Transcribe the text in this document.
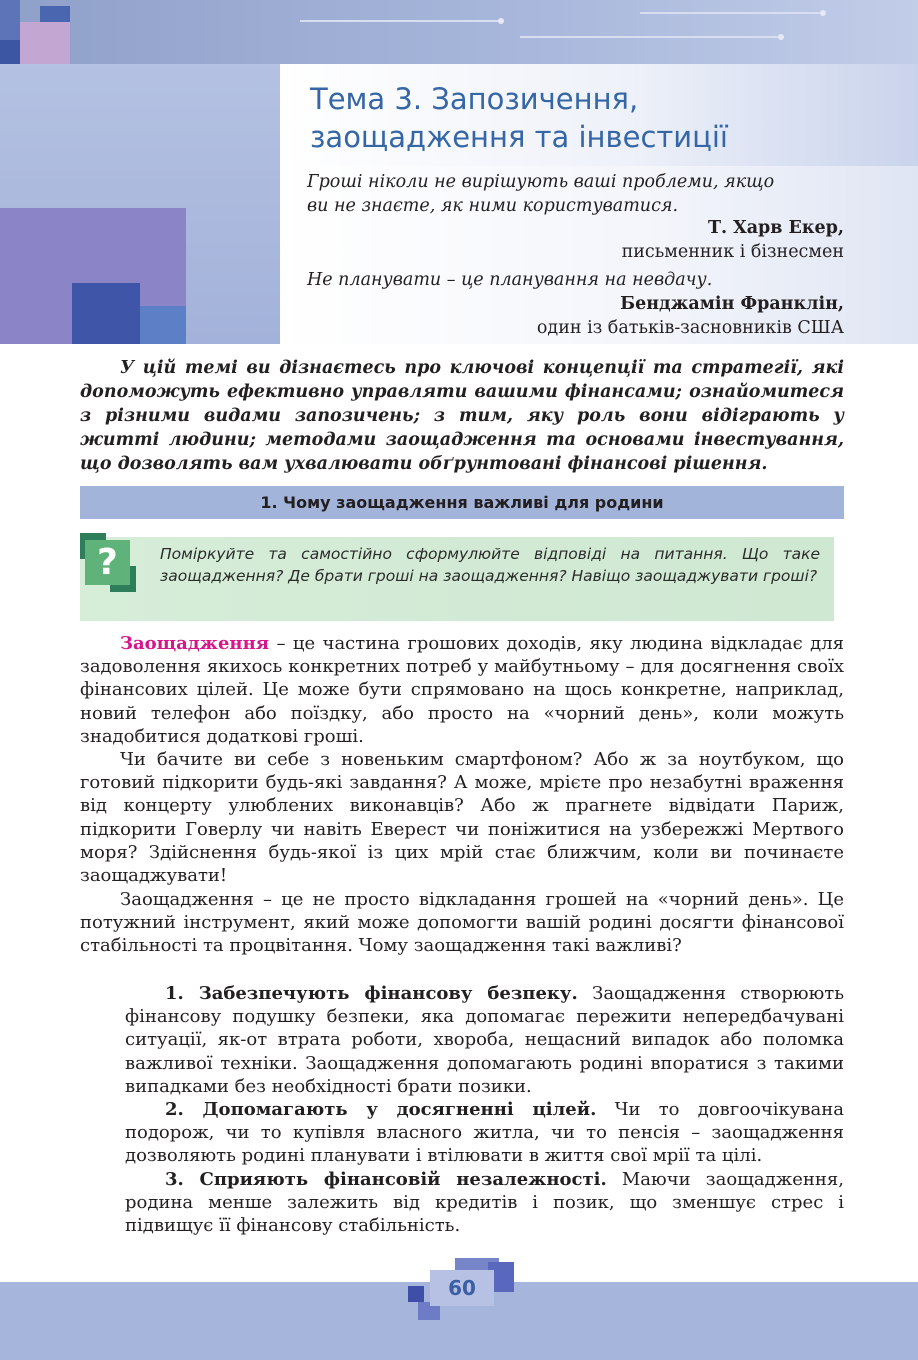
Тема 3. Запозичення,
заощадження та інвестиції

Гроші ніколи не вирішують ваші проблеми, якщо
ви не знаєте, як ними користуватися.

Т. Харв Екер,

письменник і бізнесмен

Не планувати – це планування на невдачу.

Бенджамін Франклін,

один із батьків-засновників США

У цій темі ви дізнаєтесь про ключові концепції та стратегії, які допоможуть ефективно управляти вашими фінансами; ознайомитеся з різними видами запозичень; з тим, яку роль вони відіграють у житті людини; методами заощадження та основами інвестування, що дозволять вам ухвалювати обґрунтовані фінансові рішення.

1. Чому заощадження важливі для родини
?	Поміркуйте та самостійно сформулюйте відповіді на питання. Що таке заощадження? Де брати гроші на заощадження? Навіщо заощаджувати гроші?

Заощадження – це частина грошових доходів, яку людина відкладає для задоволення якихось конкретних потреб у майбутньому – для досягнення своїх фінансових цілей. Це може бути спрямовано на щось конкретне, наприклад, новий телефон або поїздку, або просто на «чорний день», коли можуть знадобитися додаткові гроші.

Чи бачите ви себе з новеньким смартфоном? Або ж за ноутбуком, що готовий підкорити будь-які завдання? А може, мрієте про незабутні враження від концерту улюблених виконавців? Або ж прагнете відвідати Париж, підкорити Говерлу чи навіть Еверест чи поніжитися на узбережжі Мертвого моря? Здійснення будь-якої із цих мрій стає ближчим, коли ви починаєте заощаджувати!

Заощадження – це не просто відкладання грошей на «чорний день». Це потужний інструмент, який може допомогти вашій родині досягти фінансової стабільності та процвітання. Чому заощадження такі важливі?

1. Забезпечують фінансову безпеку. Заощадження створюють фінансову подушку безпеки, яка допомагає пережити непередбачувані ситуації, як-от втрата роботи, хвороба, нещасний випадок або поломка важливої техніки. Заощадження допомагають родині впоратися з такими випадками без необхідності брати позики.

2. Допомагають у досягненні цілей. Чи то довгоочікувана подорож, чи то купівля власного житла, чи то пенсія – заощадження дозволяють родині планувати і втілювати в життя свої мрії та цілі.

3. Сприяють фінансовій незалежності. Маючи заощадження, родина менше залежить від кредитів і позик, що зменшує стрес і підвищує її фінансову стабільність.

60
